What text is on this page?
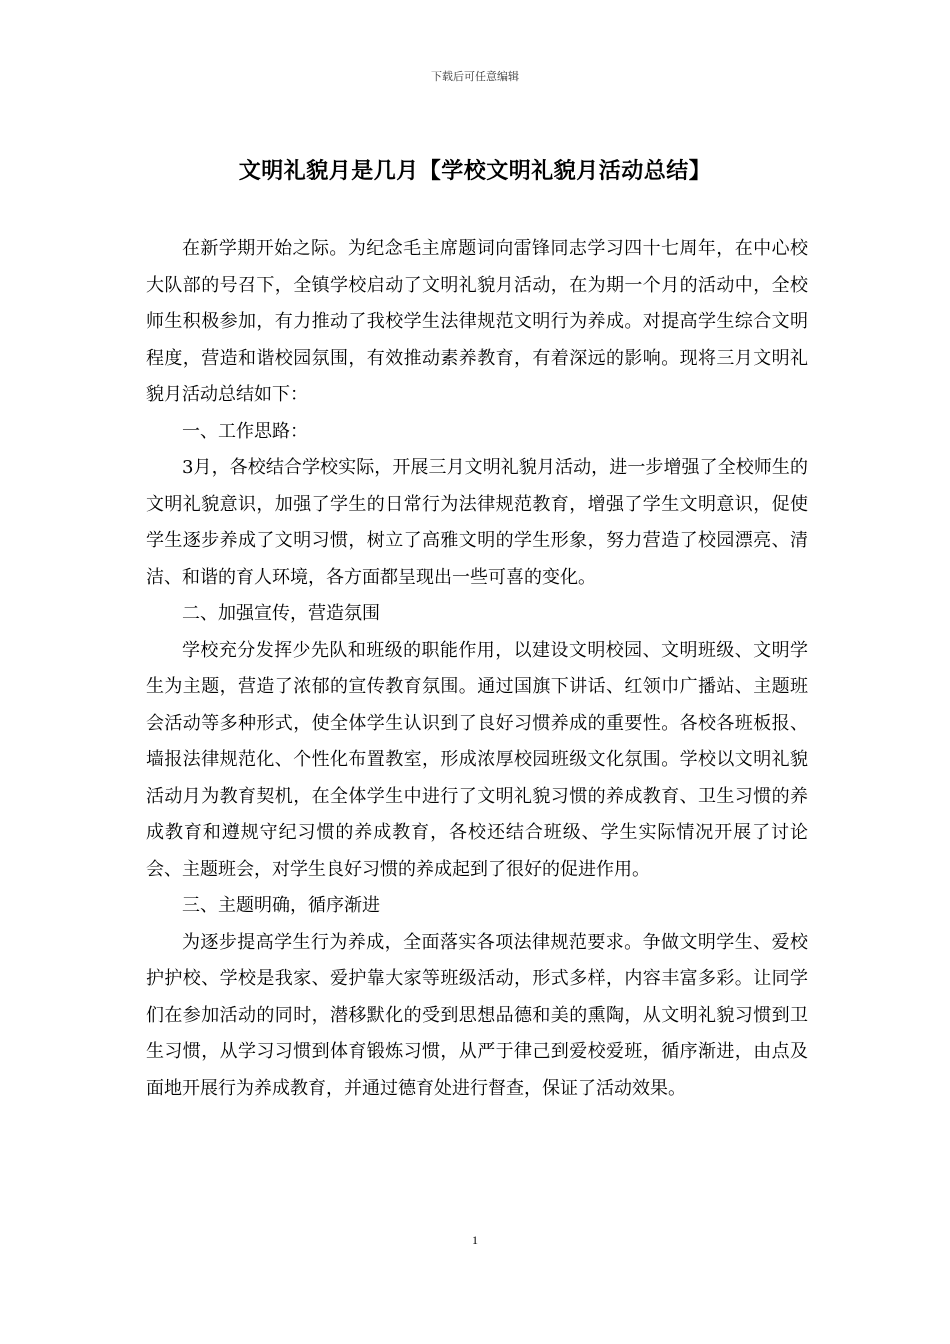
下载后可任意编辑
文明礼貌月是几月【学校文明礼貌月活动总结】

在新学期开始之际。为纪念毛主席题词向雷锋同志学习四十七周年，在中心校大队部的号召下，全镇学校启动了文明礼貌月活动，在为期一个月的活动中，全校师生积极参加，有力推动了我校学生法律规范文明行为养成。对提高学生综合文明程度，营造和谐校园氛围，有效推动素养教育，有着深远的影响。现将三月文明礼貌月活动总结如下：

一、工作思路：

3月，各校结合学校实际，开展三月文明礼貌月活动，进一步增强了全校师生的文明礼貌意识，加强了学生的日常行为法律规范教育，增强了学生文明意识，促使学生逐步养成了文明习惯，树立了高雅文明的学生形象，努力营造了校园漂亮、清洁、和谐的育人环境，各方面都呈现出一些可喜的变化。

二、加强宣传，营造氛围

学校充分发挥少先队和班级的职能作用，以建设文明校园、文明班级、文明学生为主题，营造了浓郁的宣传教育氛围。通过国旗下讲话、红领巾广播站、主题班会活动等多种形式，使全体学生认识到了良好习惯养成的重要性。各校各班板报、墙报法律规范化、个性化布置教室，形成浓厚校园班级文化氛围。学校以文明礼貌活动月为教育契机，在全体学生中进行了文明礼貌习惯的养成教育、卫生习惯的养成教育和遵规守纪习惯的养成教育，各校还结合班级、学生实际情况开展了讨论会、主题班会，对学生良好习惯的养成起到了很好的促进作用。

三、主题明确，循序渐进

为逐步提高学生行为养成，全面落实各项法律规范要求。争做文明学生、爱校护护校、学校是我家、爱护靠大家等班级活动，形式多样，内容丰富多彩。让同学们在参加活动的同时，潜移默化的受到思想品德和美的熏陶，从文明礼貌习惯到卫生习惯，从学习习惯到体育锻炼习惯，从严于律己到爱校爱班，循序渐进，由点及面地开展行为养成教育，并通过德育处进行督查，保证了活动效果。

1
